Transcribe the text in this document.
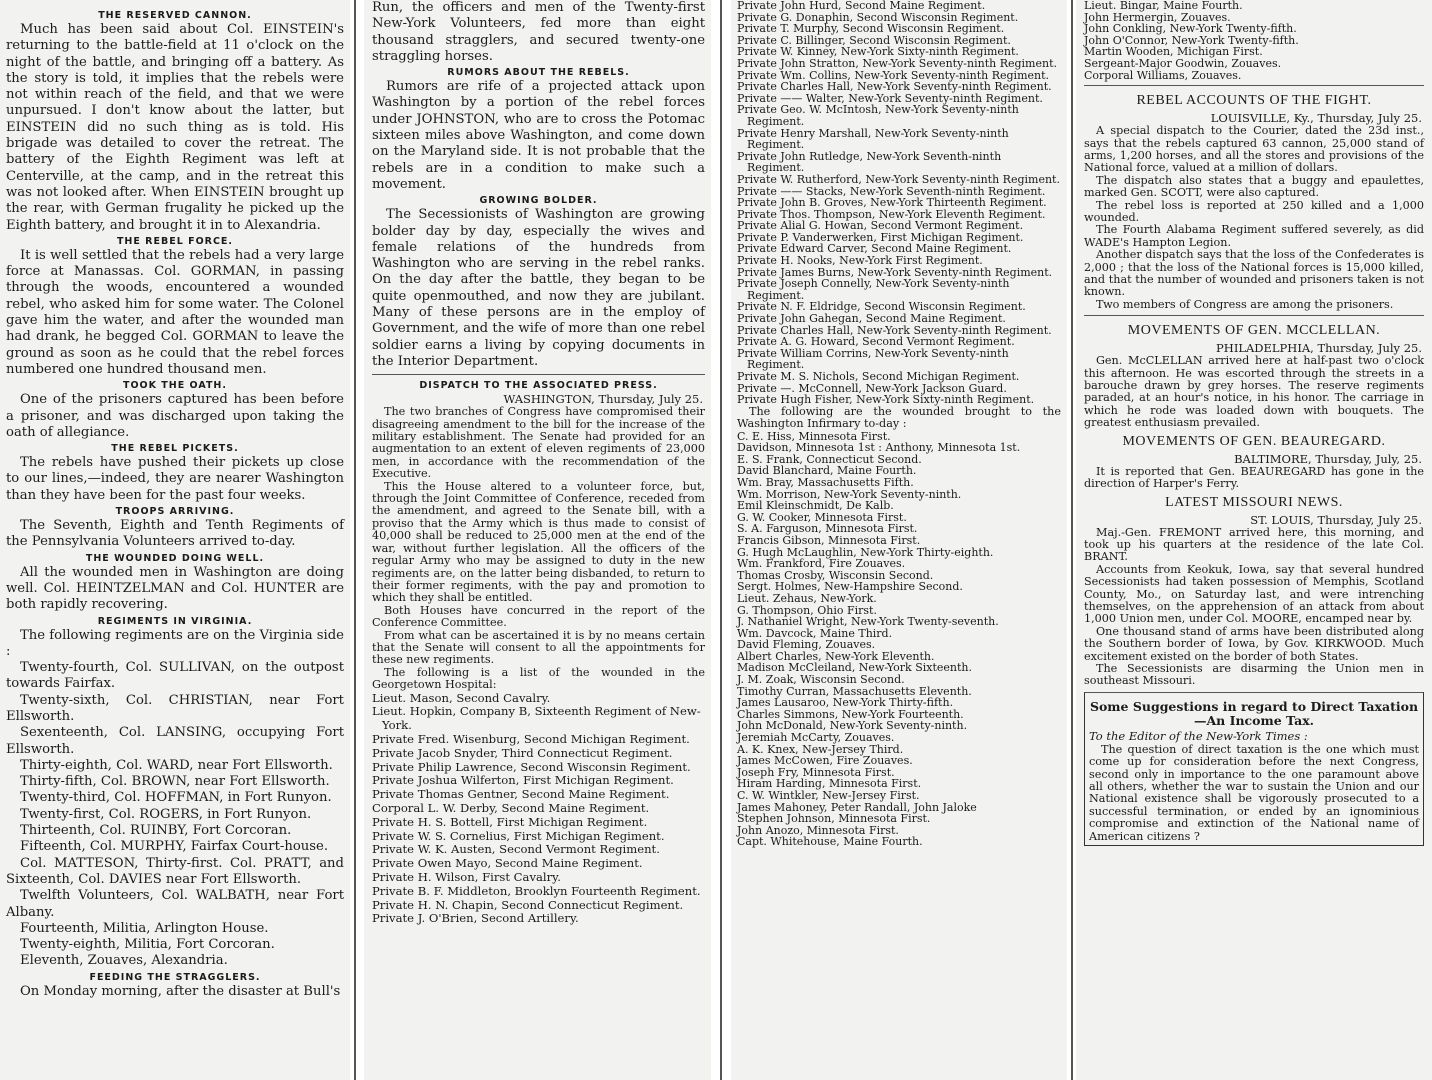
THE RESERVED CANNON.

Much has been said about Col. EINSTEIN's returning to the battle-field at 11 o'clock on the night of the battle, and bringing off a battery. As the story is told, it implies that the rebels were not within reach of the field, and that we were unpursued. I don't know about the latter, but EINSTEIN did no such thing as is told. His brigade was detailed to cover the retreat. The battery of the Eighth Regiment was left at Centerville, at the camp, and in the retreat this was not looked after. When EINSTEIN brought up the rear, with German frugality he picked up the Eighth battery, and brought it in to Alexandria.

THE REBEL FORCE.

It is well settled that the rebels had a very large force at Manassas. Col. GORMAN, in passing through the woods, encountered a wounded rebel, who asked him for some water. The Colonel gave him the water, and after the wounded man had drank, he begged Col. GORMAN to leave the ground as soon as he could that the rebel forces numbered one hundred thousand men.

TOOK THE OATH.

One of the prisoners captured has been before a prisoner, and was discharged upon taking the oath of allegiance.

THE REBEL PICKETS.

The rebels have pushed their pickets up close to our lines,—indeed, they are nearer Washington than they have been for the past four weeks.

TROOPS ARRIVING.

The Seventh, Eighth and Tenth Regiments of the Pennsylvania Volunteers arrived to-day.

THE WOUNDED DOING WELL.

All the wounded men in Washington are doing well. Col. HEINTZELMAN and Col. HUNTER are both rapidly recovering.

REGIMENTS IN VIRGINIA.

The following regiments are on the Virginia side :

Twenty-fourth, Col. SULLIVAN, on the outpost towards Fairfax.

Twenty-sixth, Col. CHRISTIAN, near Fort Ellsworth.

Sexenteenth, Col. LANSING, occupying Fort Ellsworth.

Thirty-eighth, Col. WARD, near Fort Ellsworth.

Thirty-fifth, Col. BROWN, near Fort Ellsworth.

Twenty-third, Col. HOFFMAN, in Fort Runyon.

Twenty-first, Col. ROGERS, in Fort Runyon.

Thirteenth, Col. RUINBY, Fort Corcoran.

Fifteenth, Col. MURPHY, Fairfax Court-house.

Col. MATTESON, Thirty-first. Col. PRATT, and Sixteenth, Col. DAVIES near Fort Ellsworth.

Twelfth Volunteers, Col. WALBATH, near Fort Albany.

Fourteenth, Militia, Arlington House.

Twenty-eighth, Militia, Fort Corcoran.

Eleventh, Zouaves, Alexandria.

FEEDING THE STRAGGLERS.

On Monday morning, after the disaster at Bull's

Run, the officers and men of the Twenty-first New-York Volunteers, fed more than eight thousand stragglers, and secured twenty-one straggling horses.

RUMORS ABOUT THE REBELS.

Rumors are rife of a projected attack upon Washington by a portion of the rebel forces under JOHNSTON, who are to cross the Potomac sixteen miles above Washington, and come down on the Maryland side. It is not probable that the rebels are in a condition to make such a movement.

GROWING BOLDER.

The Secessionists of Washington are growing bolder day by day, especially the wives and female relations of the hundreds from Washington who are serving in the rebel ranks. On the day after the battle, they began to be quite openmouthed, and now they are jubilant. Many of these persons are in the employ of Government, and the wife of more than one rebel soldier earns a living by copying documents in the Interior Department.

DISPATCH TO THE ASSOCIATED PRESS.
WASHINGTON, Thursday, July 25.

The two branches of Congress have compromised their disagreeing amendment to the bill for the increase of the military establishment. The Senate had provided for an augmentation to an extent of eleven regiments of 23,000 men, in accordance with the recommendation of the Executive.

This the House altered to a volunteer force, but, through the Joint Committee of Conference, receded from the amendment, and agreed to the Senate bill, with a proviso that the Army which is thus made to consist of 40,000 shall be reduced to 25,000 men at the end of the war, without further legislation. All the officers of the regular Army who may be assigned to duty in the new regiments are, on the latter being disbanded, to return to their former regiments, with the pay and promotion to which they shall be entitled.

Both Houses have concurred in the report of the Conference Committee.

From what can be ascertained it is by no means certain that the Senate will consent to all the appointments for these new regiments.

The following is a list of the wounded in the Georgetown Hospital:

Lieut. Mason, Second Cavalry.
Lieut. Hopkin, Company B, Sixteenth Regiment of New-York.
Private Fred. Wisenburg, Second Michigan Regiment.
Private Jacob Snyder, Third Connecticut Regiment.
Private Philip Lawrence, Second Wisconsin Regiment.
Private Joshua Wilferton, First Michigan Regiment.
Private Thomas Gentner, Second Maine Regiment.
Corporal L. W. Derby, Second Maine Regiment.
Private H. S. Bottell, First Michigan Regiment.
Private W. S. Cornelius, First Michigan Regiment.
Private W. K. Austen, Second Vermont Regiment.
Private Owen Mayo, Second Maine Regiment.
Private H. Wilson, First Cavalry.
Private B. F. Middleton, Brooklyn Fourteenth Regiment.
Private H. N. Chapin, Second Connecticut Regiment.
Private J. O'Brien, Second Artillery.
Private John Hurd, Second Maine Regiment.
Private G. Donaphin, Second Wisconsin Regiment.
Private T. Murphy, Second Wisconsin Regiment.
Private C. Billinger, Second Wisconsin Regiment.
Private W. Kinney, New-York Sixty-ninth Regiment.
Private John Stratton, New-York Seventy-ninth Regiment.
Private Wm. Collins, New-York Seventy-ninth Regiment.
Private Charles Hall, New-York Seventy-ninth Regiment.
Private —— Walter, New-York Seventy-ninth Regiment.
Private Geo. W. McIntosh, New-York Seventy-ninth Regiment.
Private Henry Marshall, New-York Seventy-ninth Regiment.
Private John Rutledge, New-York Seventh-ninth Regiment.
Private W. Rutherford, New-York Seventy-ninth Regiment.
Private —— Stacks, New-York Seventh-ninth Regiment.
Private John B. Groves, New-York Thirteenth Regiment.
Private Thos. Thompson, New-York Eleventh Regiment.
Private Alial G. Howan, Second Vermont Regiment.
Private P. Vanderwerken, First Michigan Regiment.
Private Edward Carver, Second Maine Regiment.
Private H. Nooks, New-York First Regiment.
Private James Burns, New-York Seventy-ninth Regiment.
Private Joseph Connelly, New-York Seventy-ninth Regiment.
Private N. F. Eldridge, Second Wisconsin Regiment.
Private John Gahegan, Second Maine Regiment.
Private Charles Hall, New-York Seventy-ninth Regiment.
Private A. G. Howard, Second Vermont Regiment.
Private William Corrins, New-York Seventy-ninth Regiment.
Private M. S. Nichols, Second Michigan Regiment.
Private —. McConnell, New-York Jackson Guard.
Private Hugh Fisher, New-York Sixty-ninth Regiment.

The following are the wounded brought to the Washington Infirmary to-day :

C. E. Hiss, Minnesota First.
Davidson, Minnesota 1st : Anthony, Minnesota 1st.
E. S. Frank, Connecticut Second.
David Blanchard, Maine Fourth.
Wm. Bray, Massachusetts Fifth.
Wm. Morrison, New-York Seventy-ninth.
Emil Kleinschmidt, De Kalb.
G. W. Cooker, Minnesota First.
S. A. Farguson, Minnesota First.
Francis Gibson, Minnesota First.
G. Hugh McLaughlin, New-York Thirty-eighth.
Wm. Frankford, Fire Zouaves.
Thomas Crosby, Wisconsin Second.
Sergt. Holmes, New-Hampshire Second.
Lieut. Zehaus, New-York.
G. Thompson, Ohio First.
J. Nathaniel Wright, New-York Twenty-seventh.
Wm. Davcock, Maine Third.
David Fleming, Zouaves.
Albert Charles, New-York Eleventh.
Madison McCleiland, New-York Sixteenth.
J. M. Zoak, Wisconsin Second.
Timothy Curran, Massachusetts Eleventh.
James Lausaroo, New-York Thirty-fifth.
Charles Simmons, New-York Fourteenth.
John McDonald, New-York Seventy-ninth.
Jeremiah McCarty, Zouaves.
A. K. Knex, New-Jersey Third.
James McCowen, Fire Zouaves.
Joseph Fry, Minnesota First.
Hiram Harding, Minnesota First.
C. W. Wintkler, New-Jersey First.
James Mahoney, Peter Randall, John Jaloke
Stephen Johnson, Minnesota First.
John Anozo, Minnesota First.
Capt. Whitehouse, Maine Fourth.
Lieut. Bingar, Maine Fourth.
John Hermergin, Zouaves.
John Conkling, New-York Twenty-fifth.
John O'Connor, New-York Twenty-fifth.
Martin Wooden, Michigan First.
Sergeant-Major Goodwin, Zouaves.
Corporal Williams, Zouaves.
REBEL ACCOUNTS OF THE FIGHT.
LOUISVILLE, Ky., Thursday, July 25.

A special dispatch to the Courier, dated the 23d inst., says that the rebels captured 63 cannon, 25,000 stand of arms, 1,200 horses, and all the stores and provisions of the National force, valued at a million of dollars.

The dispatch also states that a buggy and epaulettes, marked Gen. SCOTT, were also captured.

The rebel loss is reported at 250 killed and a 1,000 wounded.

The Fourth Alabama Regiment suffered severely, as did WADE's Hampton Legion.

Another dispatch says that the loss of the Confederates is 2,000 ; that the loss of the National forces is 15,000 killed, and that the number of wounded and prisoners taken is not known.

Two members of Congress are among the prisoners.

MOVEMENTS OF GEN. MCCLELLAN.
PHILADELPHIA, Thursday, July 25.

Gen. McCLELLAN arrived here at half-past two o'clock this afternoon. He was escorted through the streets in a barouche drawn by grey horses. The reserve regiments paraded, at an hour's notice, in his honor. The carriage in which he rode was loaded down with bouquets. The greatest enthusiasm prevailed.

MOVEMENTS OF GEN. BEAUREGARD.
BALTIMORE, Thursday, July, 25.

It is reported that Gen. BEAUREGARD has gone in the direction of Harper's Ferry.

LATEST MISSOURI NEWS.
ST. LOUIS, Thursday, July 25.

Maj.-Gen. FREMONT arrived here, this morning, and took up his quarters at the residence of the late Col. BRANT.

Accounts from Keokuk, Iowa, say that several hundred Secessionists had taken possession of Memphis, Scotland County, Mo., on Saturday last, and were intrenching themselves, on the apprehension of an attack from about 1,000 Union men, under Col. MOORE, encamped near by.

One thousand stand of arms have been distributed along the Southern border of Iowa, by Gov. KIRKWOOD. Much excitement existed on the border of both States.

The Secessionists are disarming the Union men in southeast Missouri.

Some Suggestions in regard to Direct Taxation—An Income Tax.
To the Editor of the New-York Times :

The question of direct taxation is the one which must come up for consideration before the next Congress, second only in importance to the one paramount above all others, whether the war to sustain the Union and our National existence shall be vigorously prosecuted to a successful termination, or ended by an ignominious compromise and extinction of the National name of American citizens ?
